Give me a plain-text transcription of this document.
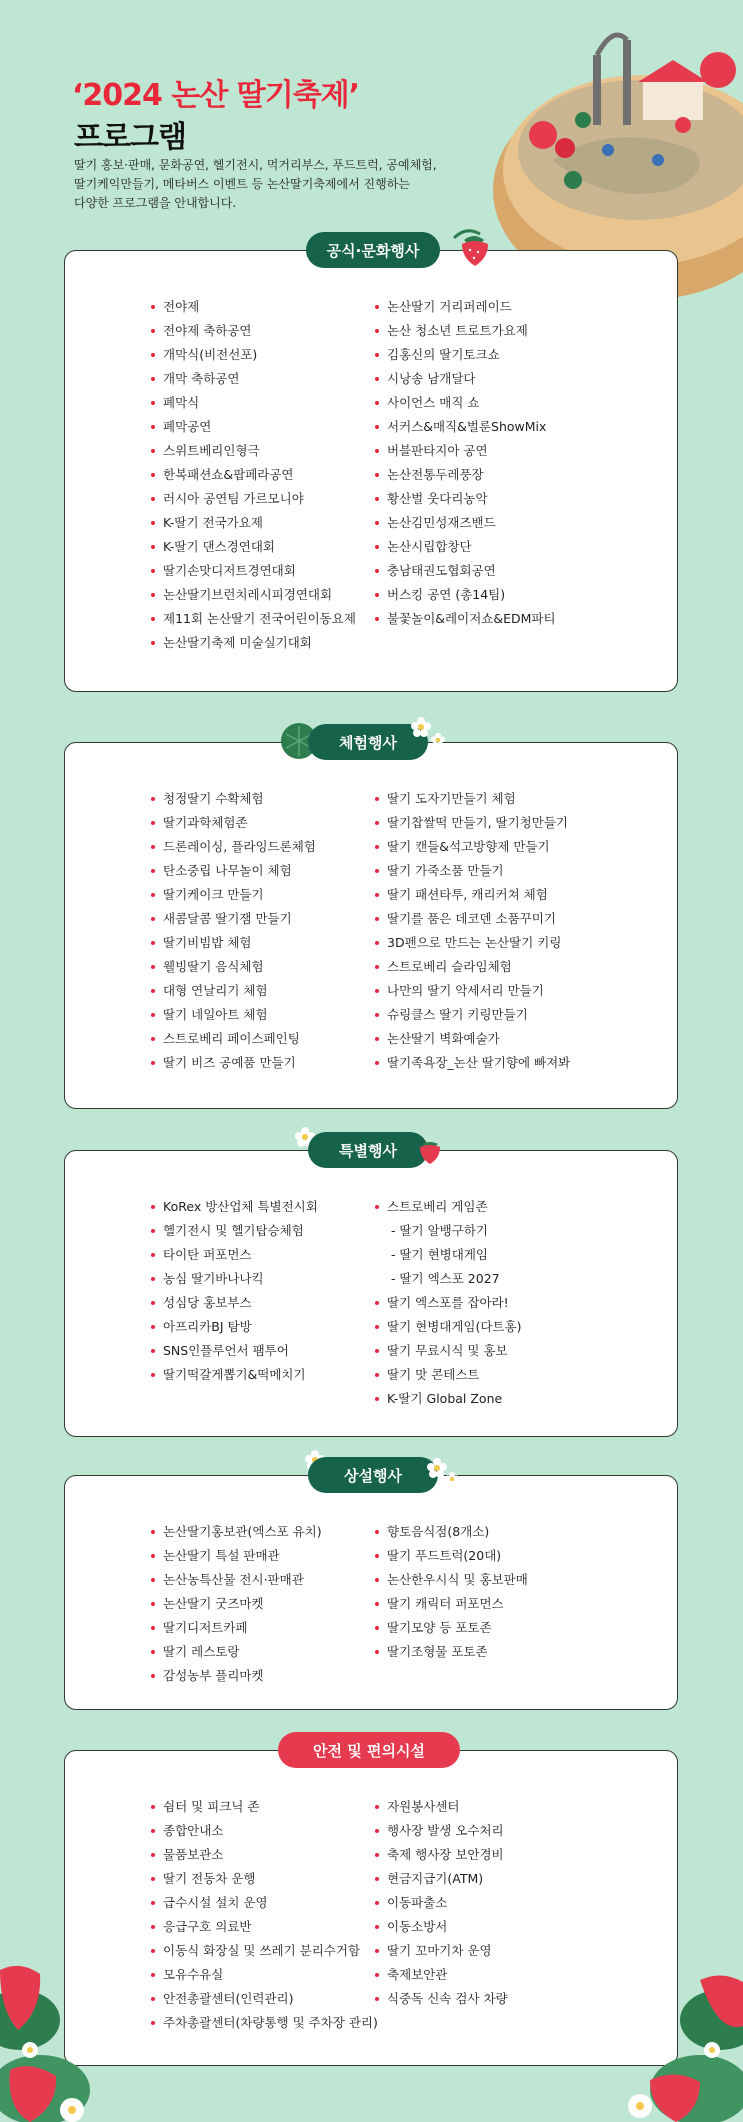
‘2024 논산 딸기축제’
프로그램
딸기 홍보·판매, 문화공연, 헬기전시, 먹거리부스, 푸드트럭, 공예체험,
딸기케익만들기, 메타버스 이벤트 등 논산딸기축제에서 진행하는
다양한 프로그램을 안내합니다.
전야제
전야제 축하공연
개막식(비전선포)
개막 축하공연
폐막식
폐막공연
스위트베리인형극
한복패션쇼&팝페라공연
러시아 공연팀 가르모니야
K-딸기 전국가요제
K-딸기 댄스경연대회
딸기손맛디저트경연대회
논산딸기브런치레시피경연대회
제11회 논산딸기 전국어린이동요제
논산딸기축제 미술실기대회
논산딸기 거리퍼레이드
논산 청소년 트로트가요제
김홍신의 딸기토크쇼
시낭송 남개달다
사이언스 매직 쇼
서커스&매직&벌룬ShowMix
버블판타지아 공연
논산전통두레풍장
황산벌 웃다리농악
논산김민성재즈밴드
논산시립합창단
충남태권도협회공연
버스킹 공연 (총14팀)
불꽃놀이&레이저쇼&EDM파티
공식·문화행사
청정딸기 수확체험
딸기과학체험존
드론레이싱, 플라잉드론체험
탄소중립 나무놀이 체험
딸기케이크 만들기
새콤달콤 딸기잼 만들기
딸기비빔밥 체험
웰빙딸기 음식체험
대형 연날리기 체험
딸기 네일아트 체험
스트로베리 페이스페인팅
딸기 비즈 공예품 만들기
딸기 도자기만들기 체험
딸기찹쌀떡 만들기, 딸기청만들기
딸기 캔들&석고방향제 만들기
딸기 가죽소품 만들기
딸기 패션타투, 캐리커쳐 체험
딸기를 품은 데코덴 소품꾸미기
3D펜으로 만드는 논산딸기 키링
스트로베리 슬라임체험
나만의 딸기 악세서리 만들기
슈링클스 딸기 키링만들기
논산딸기 벽화예술가
딸기족욕장_논산 딸기향에 빠져봐
체험행사
KoRex 방산업체 특별전시회
헬기전시 및 헬기탑승체험
타이탄 퍼포먼스
농심 딸기바나나킥
성심당 홍보부스
아프리카BJ 탐방
SNS인플루언서 팸투어
딸기떡갈게뽑기&떡메치기
스트로베리 게임존
- 딸기 알뱅구하기
- 딸기 현병대게임
- 딸기 엑스포 2027
딸기 엑스포를 잡아라!
딸기 현병대게임(다트홍)
딸기 무료시식 및 홍보
딸기 맛 콘테스트
K-딸기 Global Zone
특별행사
논산딸기홍보관(엑스포 유치)
논산딸기 특설 판매관
논산농특산물 전시·판매관
논산딸기 굿즈마켓
딸기디저트카페
딸기 레스토랑
감성농부 플리마켓
향토음식점(8개소)
딸기 푸드트럭(20대)
논산한우시식 및 홍보판매
딸기 캐릭터 퍼포먼스
딸기모양 등 포토존
딸기조형물 포토존
상설행사
쉼터 및 피크닉 존
종합안내소
물품보관소
딸기 전동차 운행
급수시설 설치 운영
응급구호 의료반
이동식 화장실 및 쓰레기 분리수거함
모유수유실
안전총괄센터(인력관리)
주차총괄센터(차량통행 및 주차장 관리)
자원봉사센터
행사장 발생 오수처리
축제 행사장 보안경비
현금지급기(ATM)
이동파출소
이동소방서
딸기 꼬마기차 운영
축제보안관
식중독 신속 검사 차량
안전 및 편의시설
